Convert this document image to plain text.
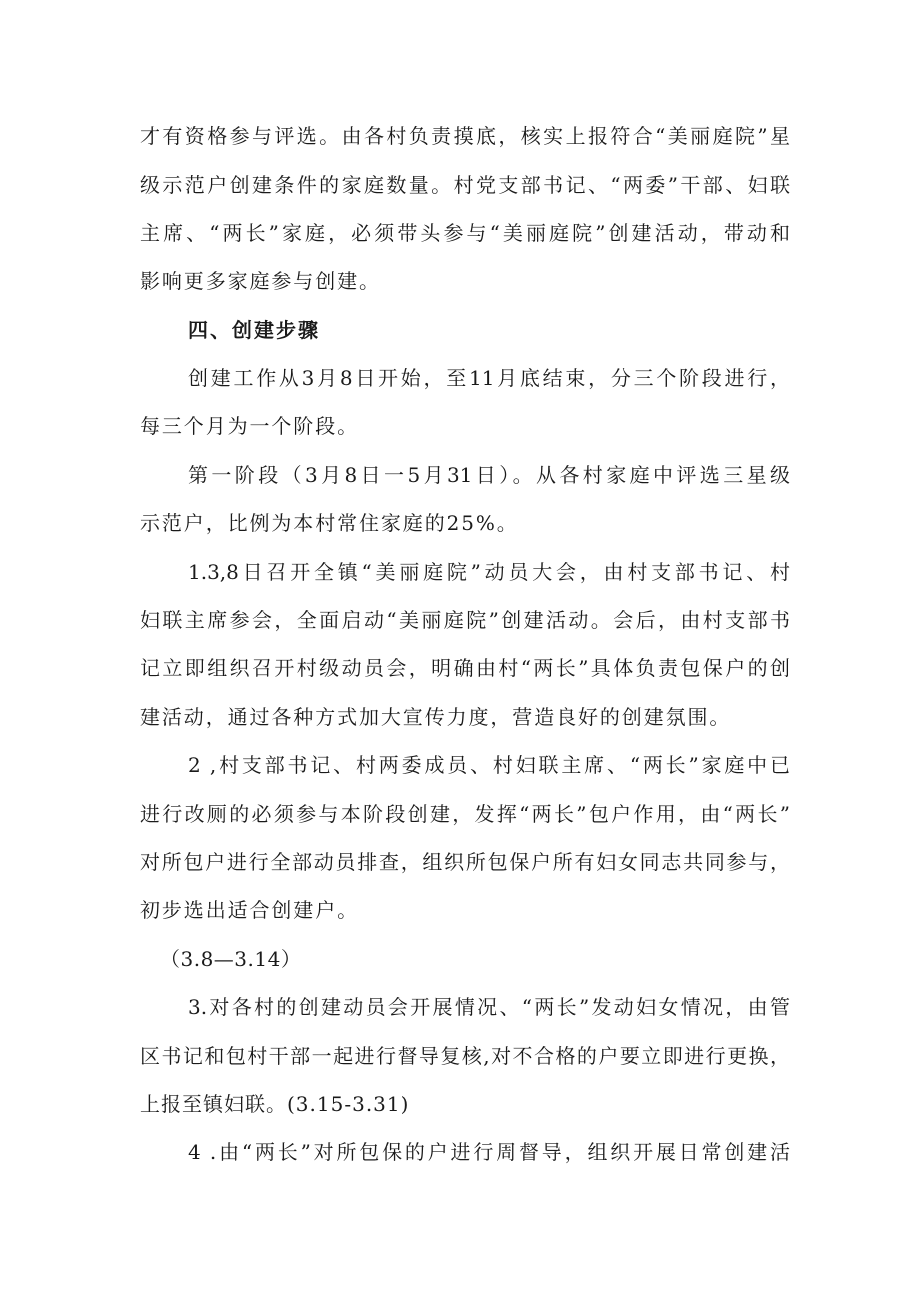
才有资格参与评选。由各村负责摸底，核实上报符合“美丽庭院”星
级示范户创建条件的家庭数量。村党支部书记、“两委”干部、妇联
主席、“两长”家庭，必须带头参与“美丽庭院”创建活动，带动和
影响更多家庭参与创建。
四、创建步骤
创建工作从3月8日开始，至11月底结束，分三个阶段进行，
每三个月为一个阶段。
第一阶段（3月8日一5月31日）。从各村家庭中评选三星级
示范户，比例为本村常住家庭的25%。
1.3,8日召开全镇“美丽庭院”动员大会，由村支部书记、村
妇联主席参会，全面启动“美丽庭院”创建活动。会后，由村支部书
记立即组织召开村级动员会，明确由村“两长”具体负责包保户的创
建活动，通过各种方式加大宣传力度，营造良好的创建氛围。
2 ,村支部书记、村两委成员、村妇联主席、“两长”家庭中已
进行改厕的必须参与本阶段创建，发挥“两长”包户作用，由“两长”
对所包户进行全部动员排查，组织所包保户所有妇女同志共同参与，
初步选出适合创建户。
（3.8—3.14）
3.对各村的创建动员会开展情况、“两长”发动妇女情况，由管
区书记和包村干部一起进行督导复核,对不合格的户要立即进行更换，
上报至镇妇联。(3.15-3.31)
4 .由“两长”对所包保的户进行周督导，组织开展日常创建活
